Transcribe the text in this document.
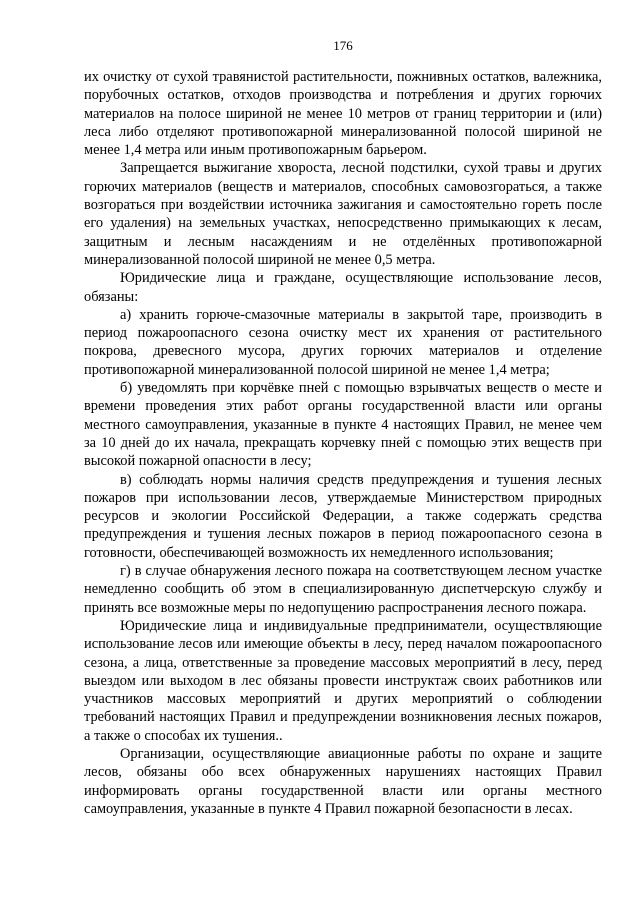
176

их очистку от сухой травянистой растительности, пожнивных остатков, валежника, порубочных остатков, отходов производства и потребления и других горючих материалов на полосе шириной не менее 10 метров от границ территории и (или) леса либо отделяют противопожарной минерализованной полосой шириной не менее 1,4 метра или иным противопожарным барьером.

Запрещается выжигание хвороста, лесной подстилки, сухой травы и других горючих материалов (веществ и материалов, способных самовозгораться, а также возгораться при воздействии источника зажигания и самостоятельно гореть после его удаления) на земельных участках, непосредственно примыкающих к лесам, защитным и лесным насаждениям и не отделённых противопожарной минерализованной полосой шириной не менее 0,5 метра.

Юридические лица и граждане, осуществляющие использование лесов, обязаны:

а) хранить горюче-смазочные материалы в закрытой таре, производить в период пожароопасного сезона очистку мест их хранения от растительного покрова, древесного мусора, других горючих материалов и отделение противопожарной минерализованной полосой шириной не менее 1,4 метра;

б) уведомлять при корчёвке пней с помощью взрывчатых веществ о месте и времени проведения этих работ органы государственной власти или органы местного самоуправления, указанные в пункте 4 настоящих Правил, не менее чем за 10 дней до их начала, прекращать корчевку пней с помощью этих веществ при высокой пожарной опасности в лесу;

в) соблюдать нормы наличия средств предупреждения и тушения лесных пожаров при использовании лесов, утверждаемые Министерством природных ресурсов и экологии Российской Федерации, а также содержать средства предупреждения и тушения лесных пожаров в период пожароопасного сезона в готовности, обеспечивающей возможность их немедленного использования;

г) в случае обнаружения лесного пожара на соответствующем лесном участке немедленно сообщить об этом в специализированную диспетчерскую службу и принять все возможные меры по недопущению распространения лесного пожара.

Юридические лица и индивидуальные предприниматели, осуществляющие использование лесов или имеющие объекты в лесу, перед началом пожароопасного сезона, а лица, ответственные за проведение массовых мероприятий в лесу, перед выездом или выходом в лес обязаны провести инструктаж своих работников или участников массовых мероприятий и других мероприятий о соблюдении требований настоящих Правил и предупреждении возникновения лесных пожаров, а также о способах их тушения..

Организации, осуществляющие авиационные работы по охране и защите лесов, обязаны обо всех обнаруженных нарушениях настоящих Правил информировать органы государственной власти или органы местного самоуправления, указанные в пункте 4 Правил пожарной безопасности в лесах.
